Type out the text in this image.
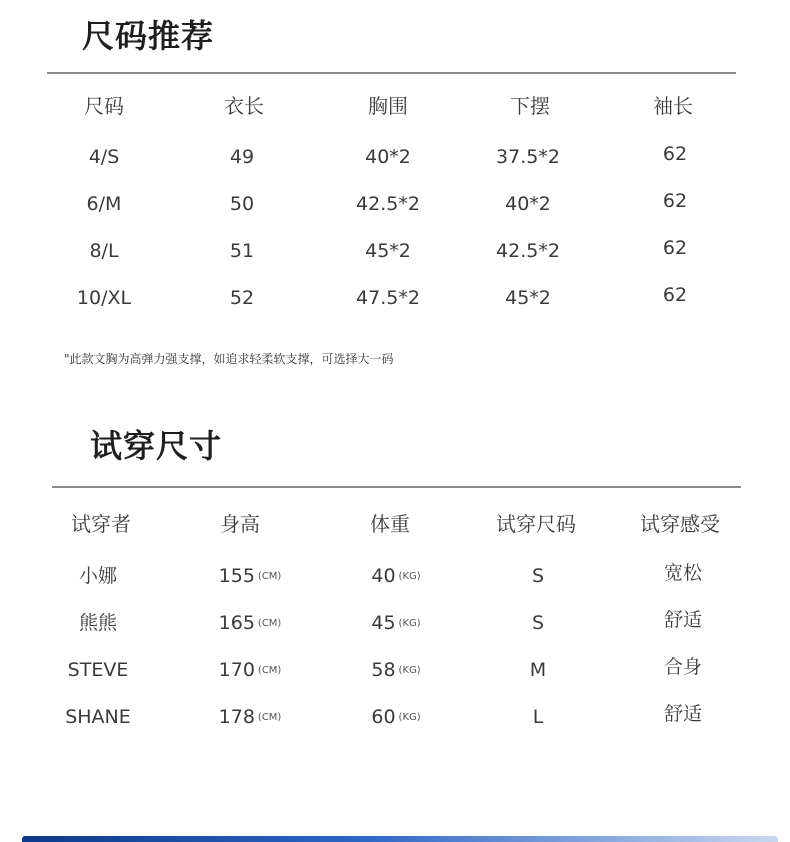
尺码推荐
尺码	衣长	胸围	下摆	袖长
4/S	49	40*2	37.5*2	62
6/M	50	42.5*2	40*2	62
8/L	51	45*2	42.5*2	62
10/XL	52	47.5*2	45*2	62
"此款文胸为高弹力强支撑，如追求轻柔软支撑，可选择大一码
试穿尺寸
试穿者	身高	体重	试穿尺码	试穿感受
小娜	155 (CM)	40 (KG)	S	宽松
熊熊	165 (CM)	45 (KG)	S	舒适
STEVE	170 (CM)	58 (KG)	M	合身
SHANE	178 (CM)	60 (KG)	L	舒适
